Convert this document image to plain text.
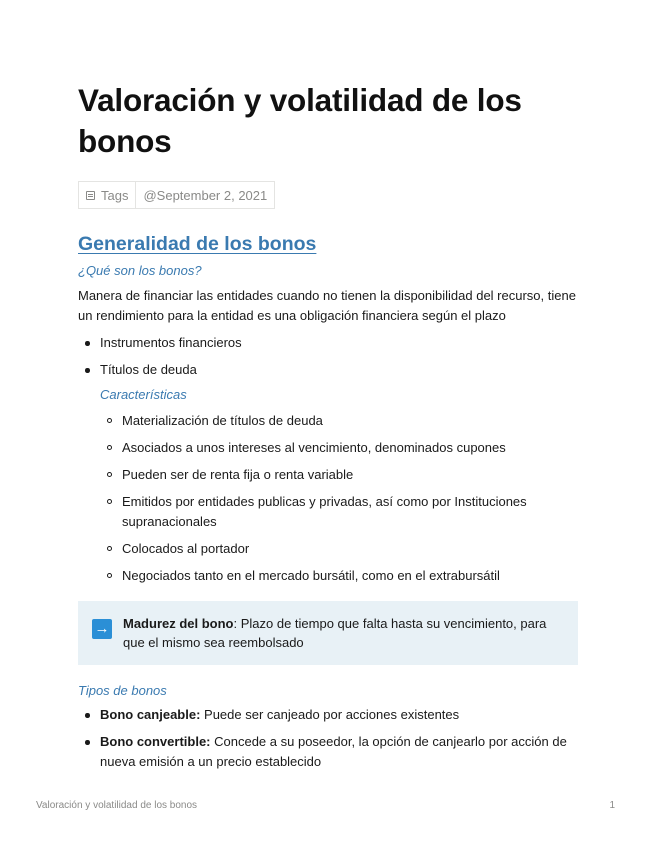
Valoración y volatilidad de los bonos
Tags @September 2, 2021
Generalidad de los bonos
¿Qué son los bonos?

Manera de financiar las entidades cuando no tienen la disponibilidad del recurso, tiene un rendimiento para la entidad es una obligación financiera según el plazo

Instrumentos financieros
Títulos de deuda
Características
Materialización de títulos de deuda
Asociados a unos intereses al vencimiento, denominados cupones
Pueden ser de renta fija o renta variable
Emitidos por entidades publicas y privadas, así como por Instituciones supranacionales
Colocados al portador
Negociados tanto en el mercado bursátil, como en el extrabursátil
→ Madurez del bono: Plazo de tiempo que falta hasta su vencimiento, para que el mismo sea reembolsado
Tipos de bonos
Bono canjeable: Puede ser canjeado por acciones existentes
Bono convertible: Concede a su poseedor, la opción de canjearlo por acción de nueva emisión a un precio establecido
Valoración y volatilidad de los bonos	1
